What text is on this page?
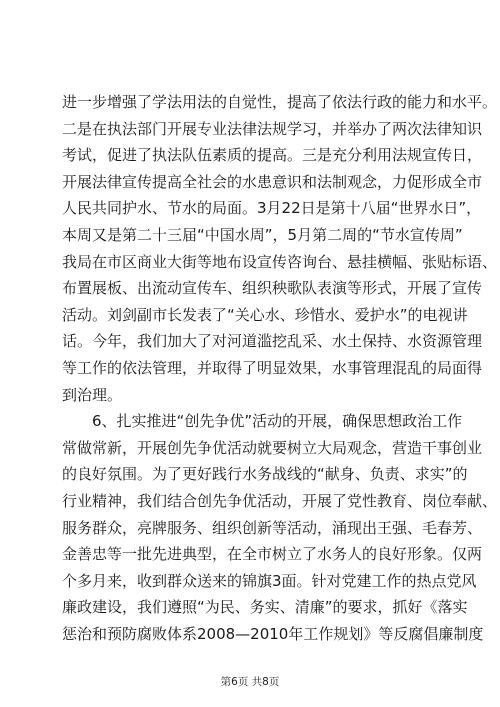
进一步增强了学法用法的自觉性，提高了依法行政的能力和水平。
二是在执法部门开展专业法律法规学习，并举办了两次法律知识
考试，促进了执法队伍素质的提高。三是充分利用法规宣传日，
开展法律宣传提高全社会的水患意识和法制观念，力促形成全市
人民共同护水、节水的局面。3月22日是第十八届“世界水日”，
本周又是第二十三届“中国水周”，5月第二周的“节水宣传周”
我局在市区商业大街等地布设宣传咨询台、悬挂横幅、张贴标语、
布置展板、出流动宣传车、组织秧歌队表演等形式，开展了宣传
活动。刘剑副市长发表了“关心水、珍惜水、爱护水”的电视讲
话。今年，我们加大了对河道滥挖乱采、水土保持、水资源管理
等工作的依法管理，并取得了明显效果，水事管理混乱的局面得
到治理。
6、扎实推进“创先争优”活动的开展，确保思想政治工作
常做常新，开展创先争优活动就要树立大局观念，营造干事创业
的良好氛围。为了更好践行水务战线的“献身、负责、求实”的
行业精神，我们结合创先争优活动，开展了党性教育、岗位奉献、
服务群众，亮牌服务、组织创新等活动，涌现出王强、毛春芳、
金善忠等一批先进典型，在全市树立了水务人的良好形象。仅两
个多月来，收到群众送来的锦旗3面。针对党建工作的热点党风
廉政建设，我们遵照“为民、务实、清廉”的要求，抓好《落实
惩治和预防腐败体系2008—2010年工作规划》等反腐倡廉制度
第6页 共8页
